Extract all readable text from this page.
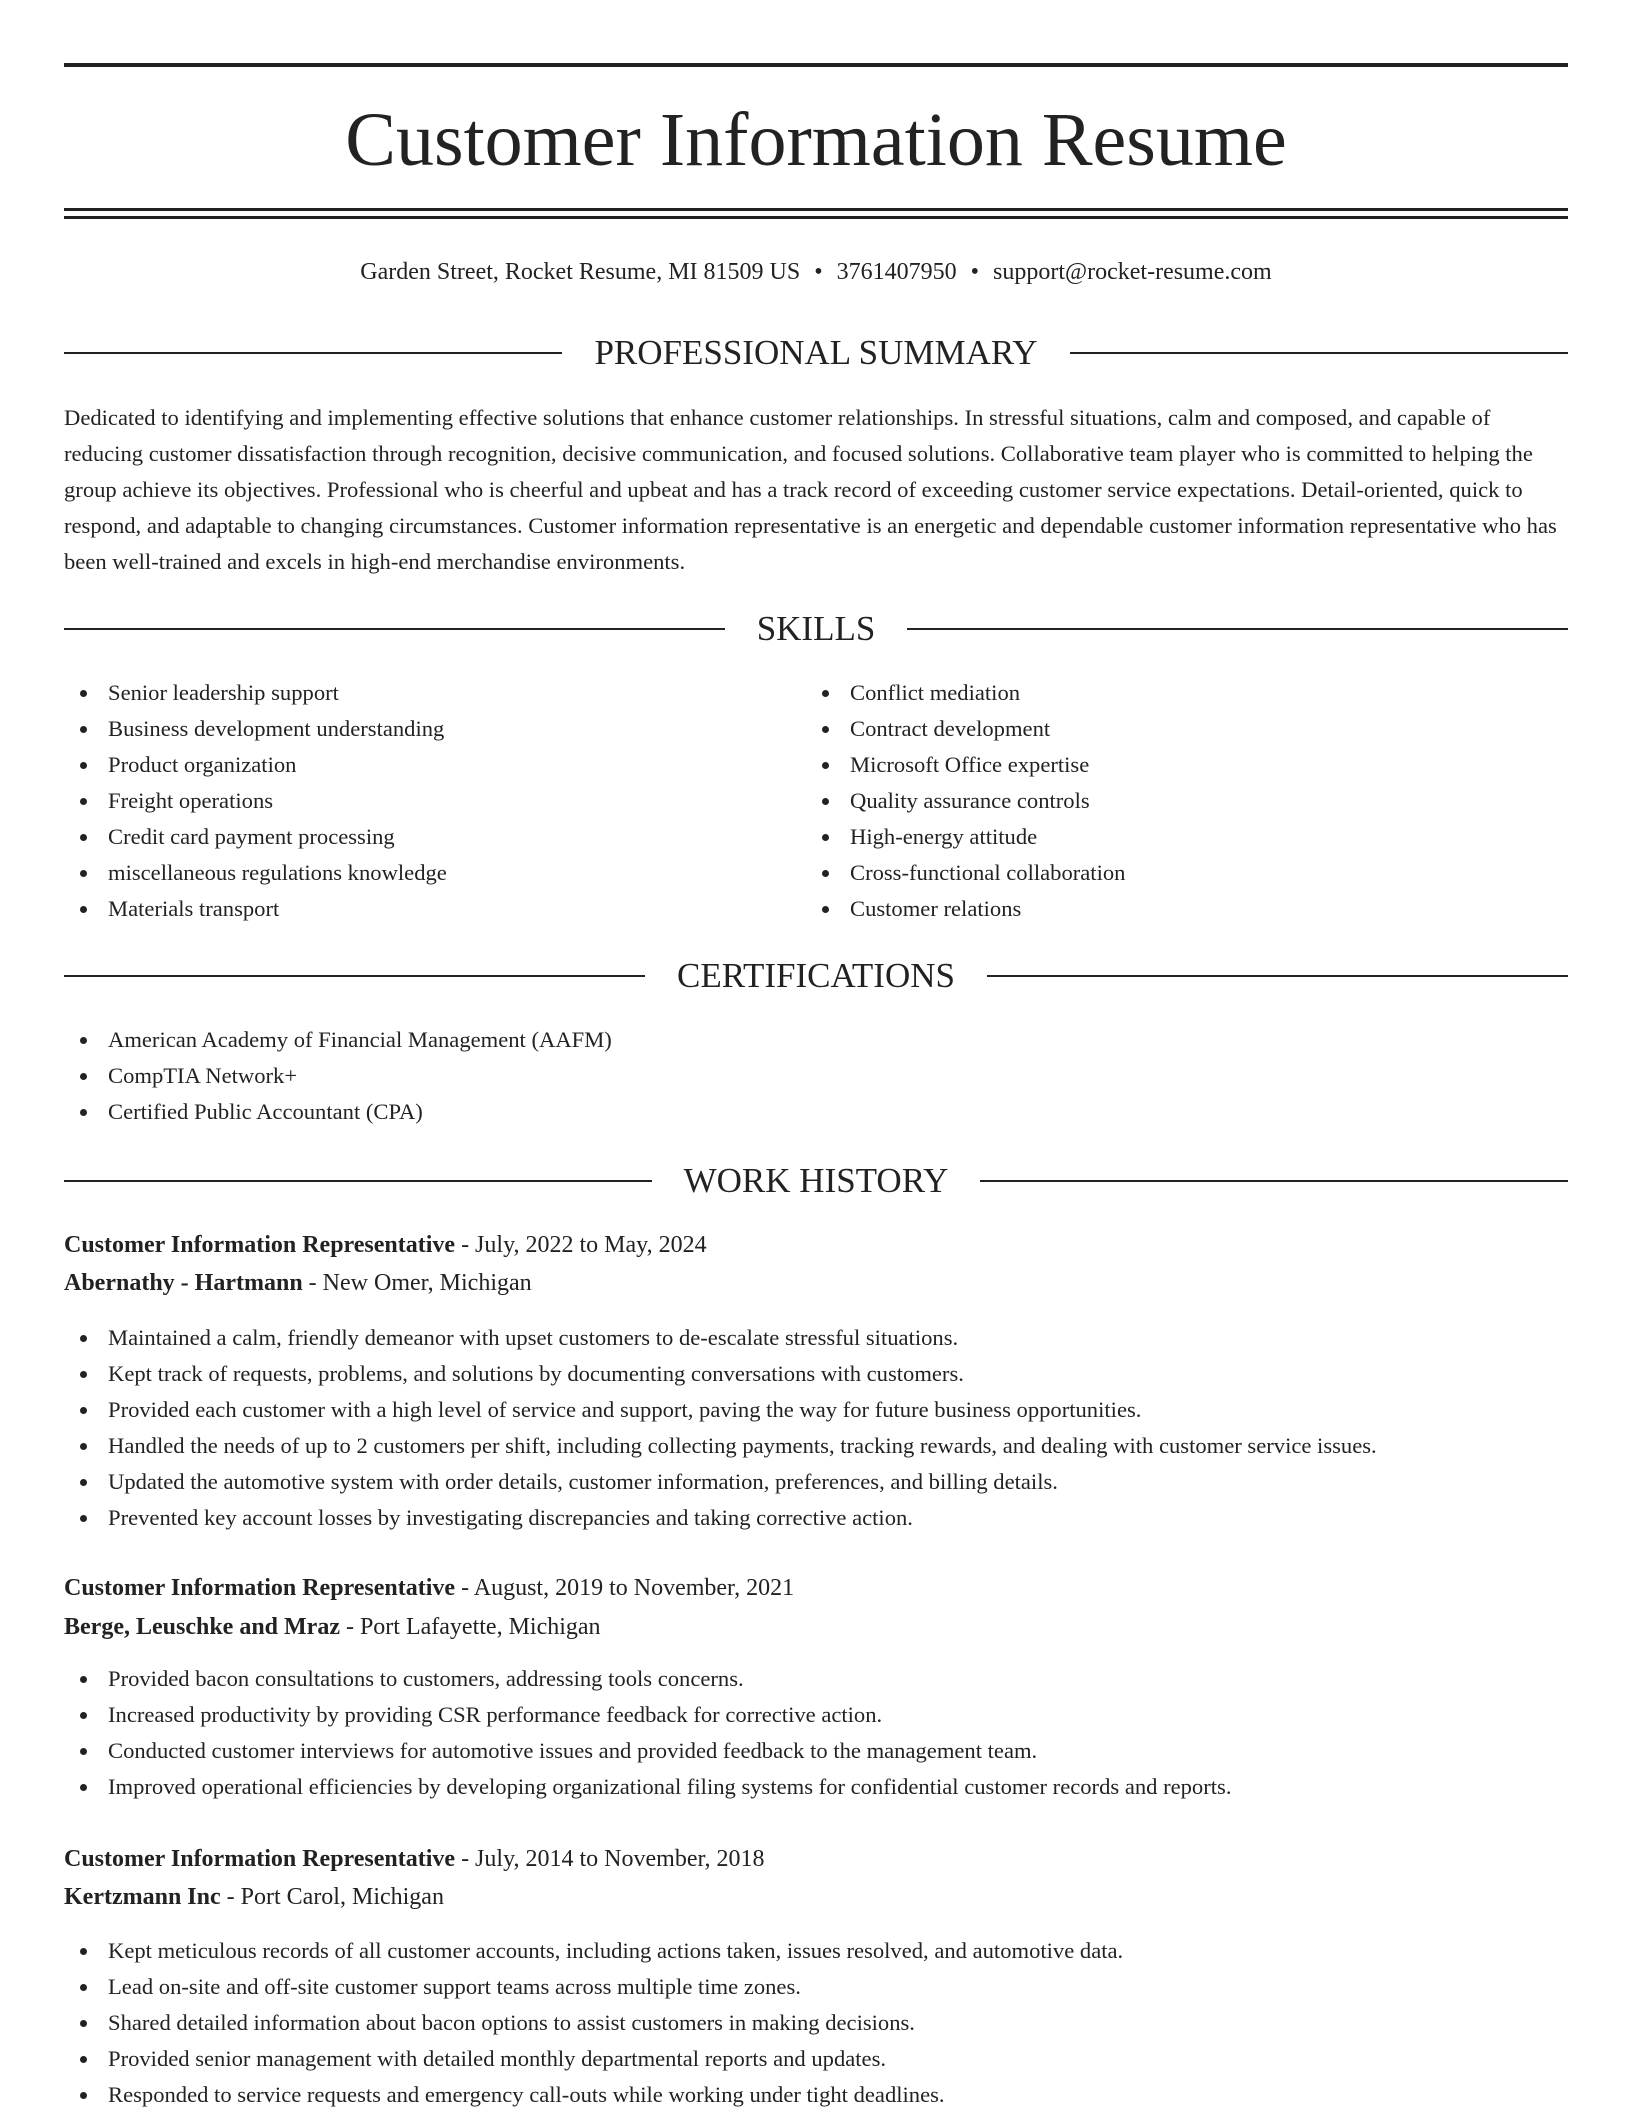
Customer Information Resume
Garden Street, Rocket Resume, MI 81509 US • 3761407950 • support@rocket-resume.com
PROFESSIONAL SUMMARY

Dedicated to identifying and implementing effective solutions that enhance customer relationships. In stressful situations, calm and composed, and capable of reducing customer dissatisfaction through recognition, decisive communication, and focused solutions. Collaborative team player who is committed to helping the group achieve its objectives. Professional who is cheerful and upbeat and has a track record of exceeding customer service expectations. Detail-oriented, quick to respond, and adaptable to changing circumstances. Customer information representative is an energetic and dependable customer information representative who has been well-trained and excels in high-end merchandise environments.

SKILLS
Senior leadership support
Business development understanding
Product organization
Freight operations
Credit card payment processing
miscellaneous regulations knowledge
Materials transport
Conflict mediation
Contract development
Microsoft Office expertise
Quality assurance controls
High-energy attitude
Cross-functional collaboration
Customer relations
CERTIFICATIONS
American Academy of Financial Management (AAFM)
CompTIA Network+
Certified Public Accountant (CPA)
WORK HISTORY
Customer Information Representative - July, 2022 to May, 2024
Abernathy - Hartmann - New Omer, Michigan
Maintained a calm, friendly demeanor with upset customers to de-escalate stressful situations.
Kept track of requests, problems, and solutions by documenting conversations with customers.
Provided each customer with a high level of service and support, paving the way for future business opportunities.
Handled the needs of up to 2 customers per shift, including collecting payments, tracking rewards, and dealing with customer service issues.
Updated the automotive system with order details, customer information, preferences, and billing details.
Prevented key account losses by investigating discrepancies and taking corrective action.
Customer Information Representative - August, 2019 to November, 2021
Berge, Leuschke and Mraz - Port Lafayette, Michigan
Provided bacon consultations to customers, addressing tools concerns.
Increased productivity by providing CSR performance feedback for corrective action.
Conducted customer interviews for automotive issues and provided feedback to the management team.
Improved operational efficiencies by developing organizational filing systems for confidential customer records and reports.
Customer Information Representative - July, 2014 to November, 2018
Kertzmann Inc - Port Carol, Michigan
Kept meticulous records of all customer accounts, including actions taken, issues resolved, and automotive data.
Lead on-site and off-site customer support teams across multiple time zones.
Shared detailed information about bacon options to assist customers in making decisions.
Provided senior management with detailed monthly departmental reports and updates.
Responded to service requests and emergency call-outs while working under tight deadlines.
